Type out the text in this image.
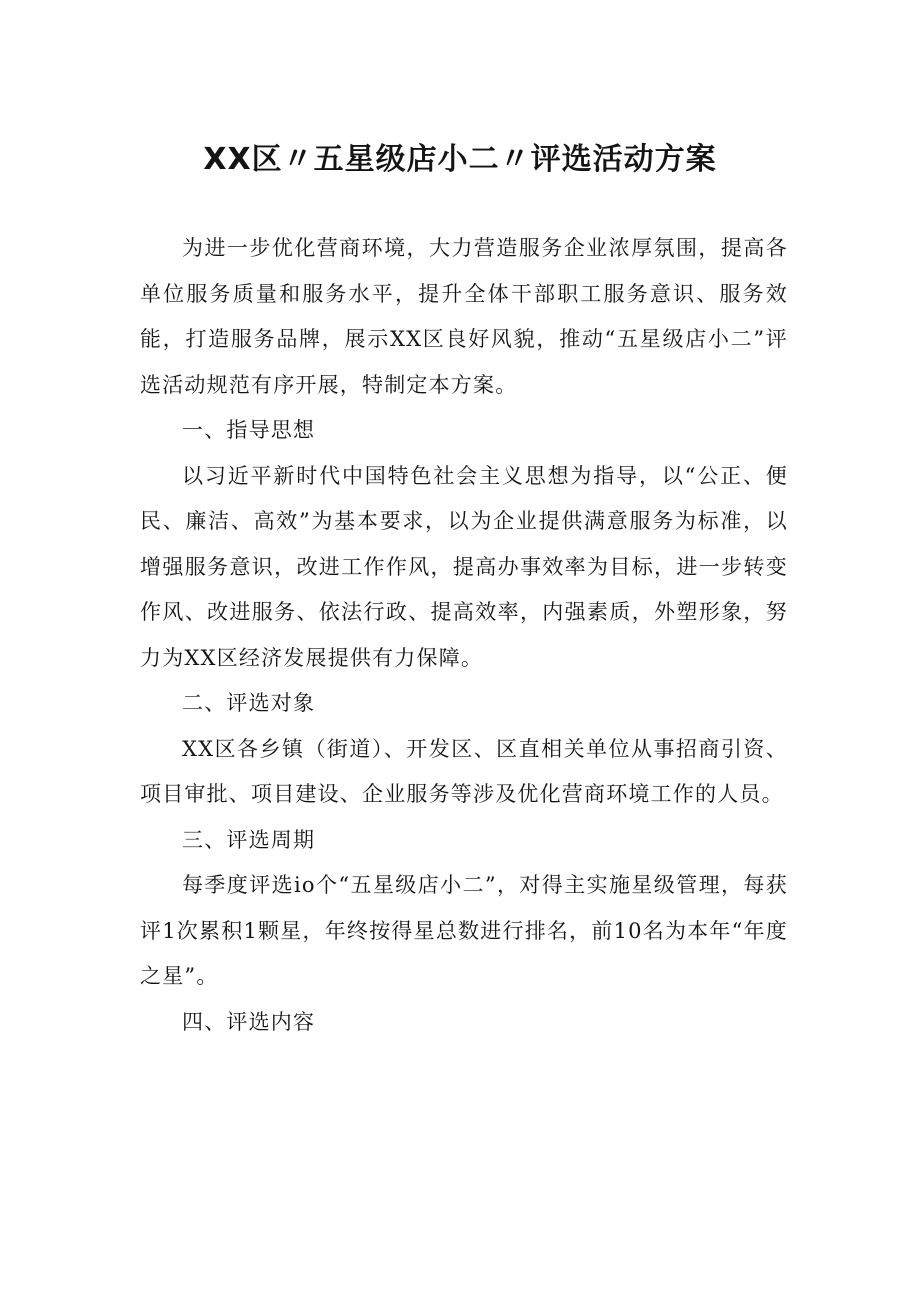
XX区〃五星级店小二〃评选活动方案

为进一步优化营商环境，大力营造服务企业浓厚氛围，提高各单位服务质量和服务水平，提升全体干部职工服务意识、服务效能，打造服务品牌，展示XX区良好风貌，推动“五星级店小二”评选活动规范有序开展，特制定本方案。

一、指导思想

以习近平新时代中国特色社会主义思想为指导，以“公正、便民、廉洁、高效”为基本要求，以为企业提供满意服务为标准，以增强服务意识，改进工作作风，提高办事效率为目标，进一步转变作风、改进服务、依法行政、提高效率，内强素质，外塑形象，努力为XX区经济发展提供有力保障。

二、评选对象

XX区各乡镇（街道）、开发区、区直相关单位从事招商引资、项目审批、项目建设、企业服务等涉及优化营商环境工作的人员。

三、评选周期

每季度评选io个“五星级店小二”，对得主实施星级管理，每获评1次累积1颗星，年终按得星总数进行排名，前10名为本年“年度之星”。

四、评选内容
